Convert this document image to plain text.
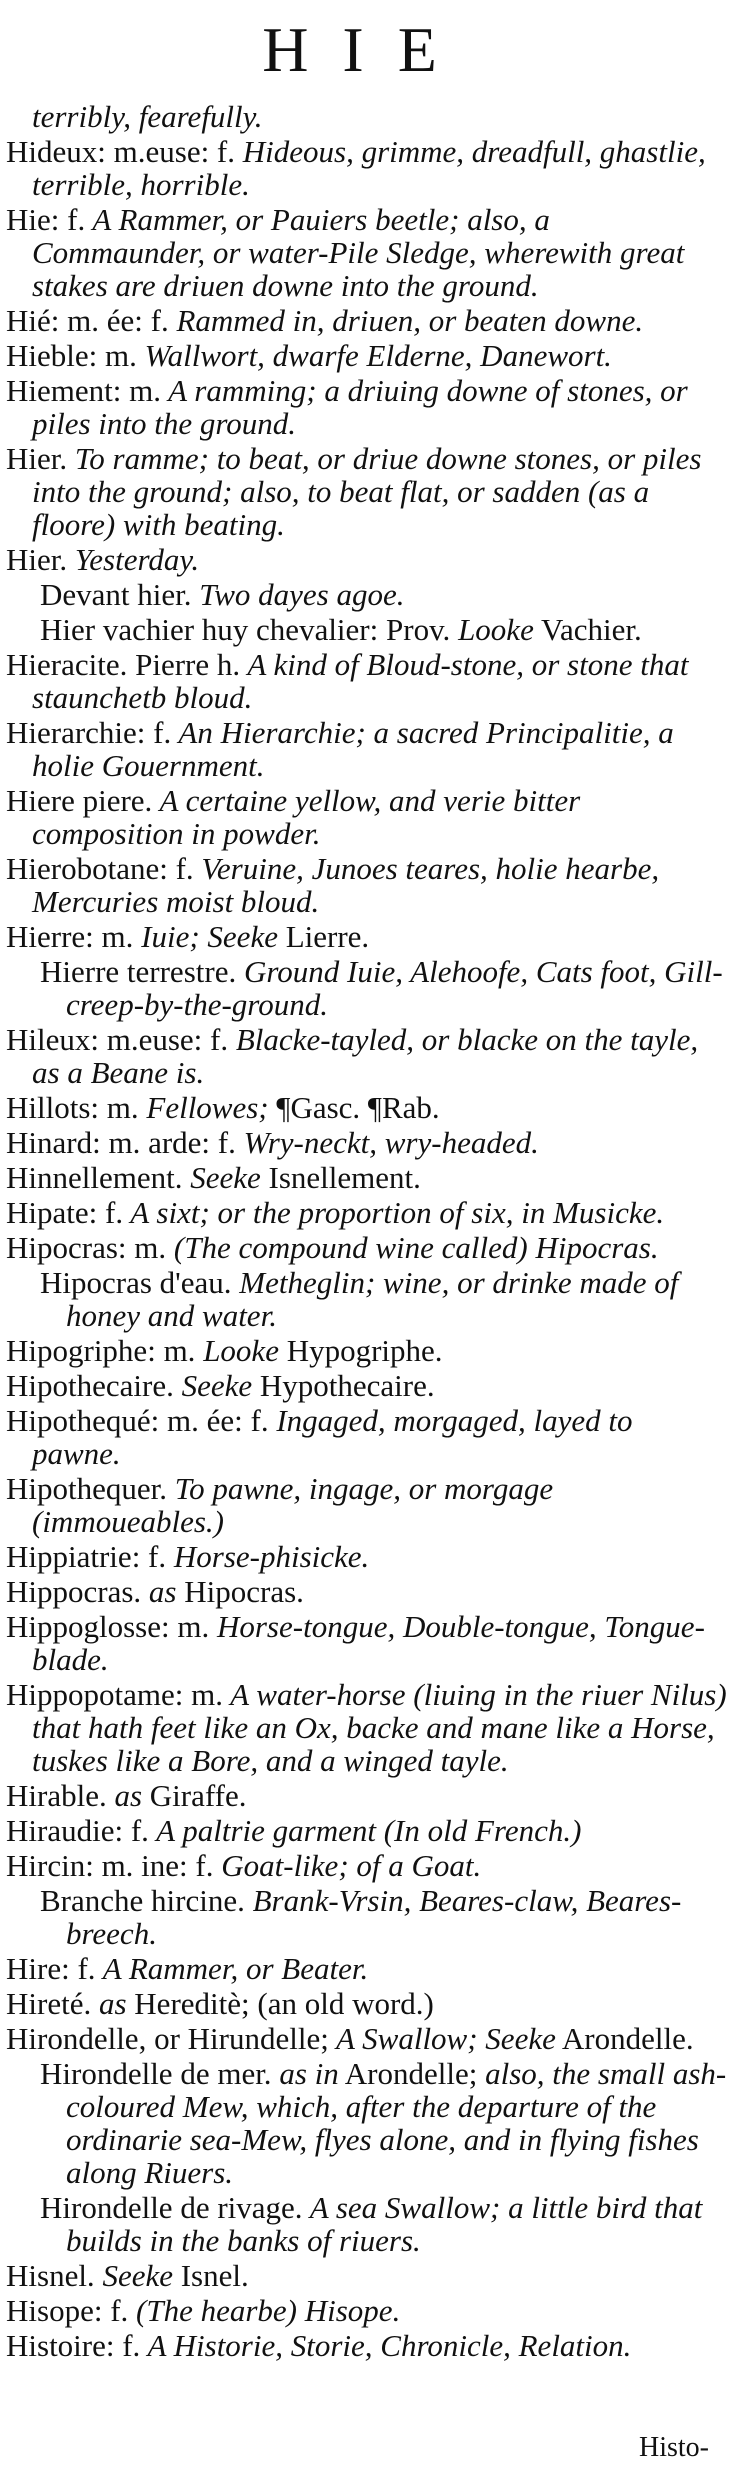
HIE
terribly, fearefully.
Hideux: m.euse: f. Hideous, grimme, dreadfull, ghastlie, terrible, horrible.
Hie: f. A Rammer, or Pauiers beetle; also, a Commaunder, or water-Pile Sledge, wherewith great stakes are driuen downe into the ground.
Hié: m. ée: f. Rammed in, driuen, or beaten downe.
Hieble: m. Wallwort, dwarfe Elderne, Danewort.
Hiement: m. A ramming; a driuing downe of stones, or piles into the ground.
Hier. To ramme; to beat, or driue downe stones, or piles into the ground; also, to beat flat, or sadden (as a floore) with beating.
Hier. Yesterday.
Devant hier. Two dayes agoe.
Hier vachier huy chevalier: Prov. Looke Vachier.
Hieracite. Pierre h. A kind of Bloud-stone, or stone that staunchetb bloud.
Hierarchie: f. An Hierarchie; a sacred Principalitie, a holie Gouernment.
Hiere piere. A certaine yellow, and verie bitter composition in powder.
Hierobotane: f. Veruine, Junoes teares, holie hearbe, Mercuries moist bloud.
Hierre: m. Iuie; Seeke Lierre.
Hierre terrestre. Ground Iuie, Alehoofe, Cats foot, Gill-creep-by-the-ground.
Hileux: m.euse: f. Blacke-tayled, or blacke on the tayle, as a Beane is.
Hillots: m. Fellowes; ¶Gasc. ¶Rab.
Hinard: m. arde: f. Wry-neckt, wry-headed.
Hinnellement. Seeke Isnellement.
Hipate: f. A sixt; or the proportion of six, in Musicke.
Hipocras: m. (The compound wine called) Hipocras.
Hipocras d'eau. Metheglin; wine, or drinke made of honey and water.
Hipogriphe: m. Looke Hypogriphe.
Hipothecaire. Seeke Hypothecaire.
Hipothequé: m. ée: f. Ingaged, morgaged, layed to pawne.
Hipothequer. To pawne, ingage, or morgage (immoueables.)
Hippiatrie: f. Horse-phisicke.
Hippocras. as Hipocras.
Hippoglosse: m. Horse-tongue, Double-tongue, Tongue-blade.
Hippopotame: m. A water-horse (liuing in the riuer Nilus) that hath feet like an Ox, backe and mane like a Horse, tuskes like a Bore, and a winged tayle.
Hirable. as Giraffe.
Hiraudie: f. A paltrie garment (In old French.)
Hircin: m. ine: f. Goat-like; of a Goat.
Branche hircine. Brank-Vrsin, Beares-claw, Beares-breech.
Hire: f. A Rammer, or Beater.
Hireté. as Hereditè; (an old word.)
Hirondelle, or Hirundelle; A Swallow; Seeke Arondelle.
Hirondelle de mer. as in Arondelle; also, the small ash-coloured Mew, which, after the departure of the ordinarie sea-Mew, flyes alone, and in flying fishes along Riuers.
Hirondelle de rivage. A sea Swallow; a little bird that builds in the banks of riuers.
Hisnel. Seeke Isnel.
Hisope: f. (The hearbe) Hisope.
Histoire: f. A Historie, Storie, Chronicle, Relation.
Histo-
